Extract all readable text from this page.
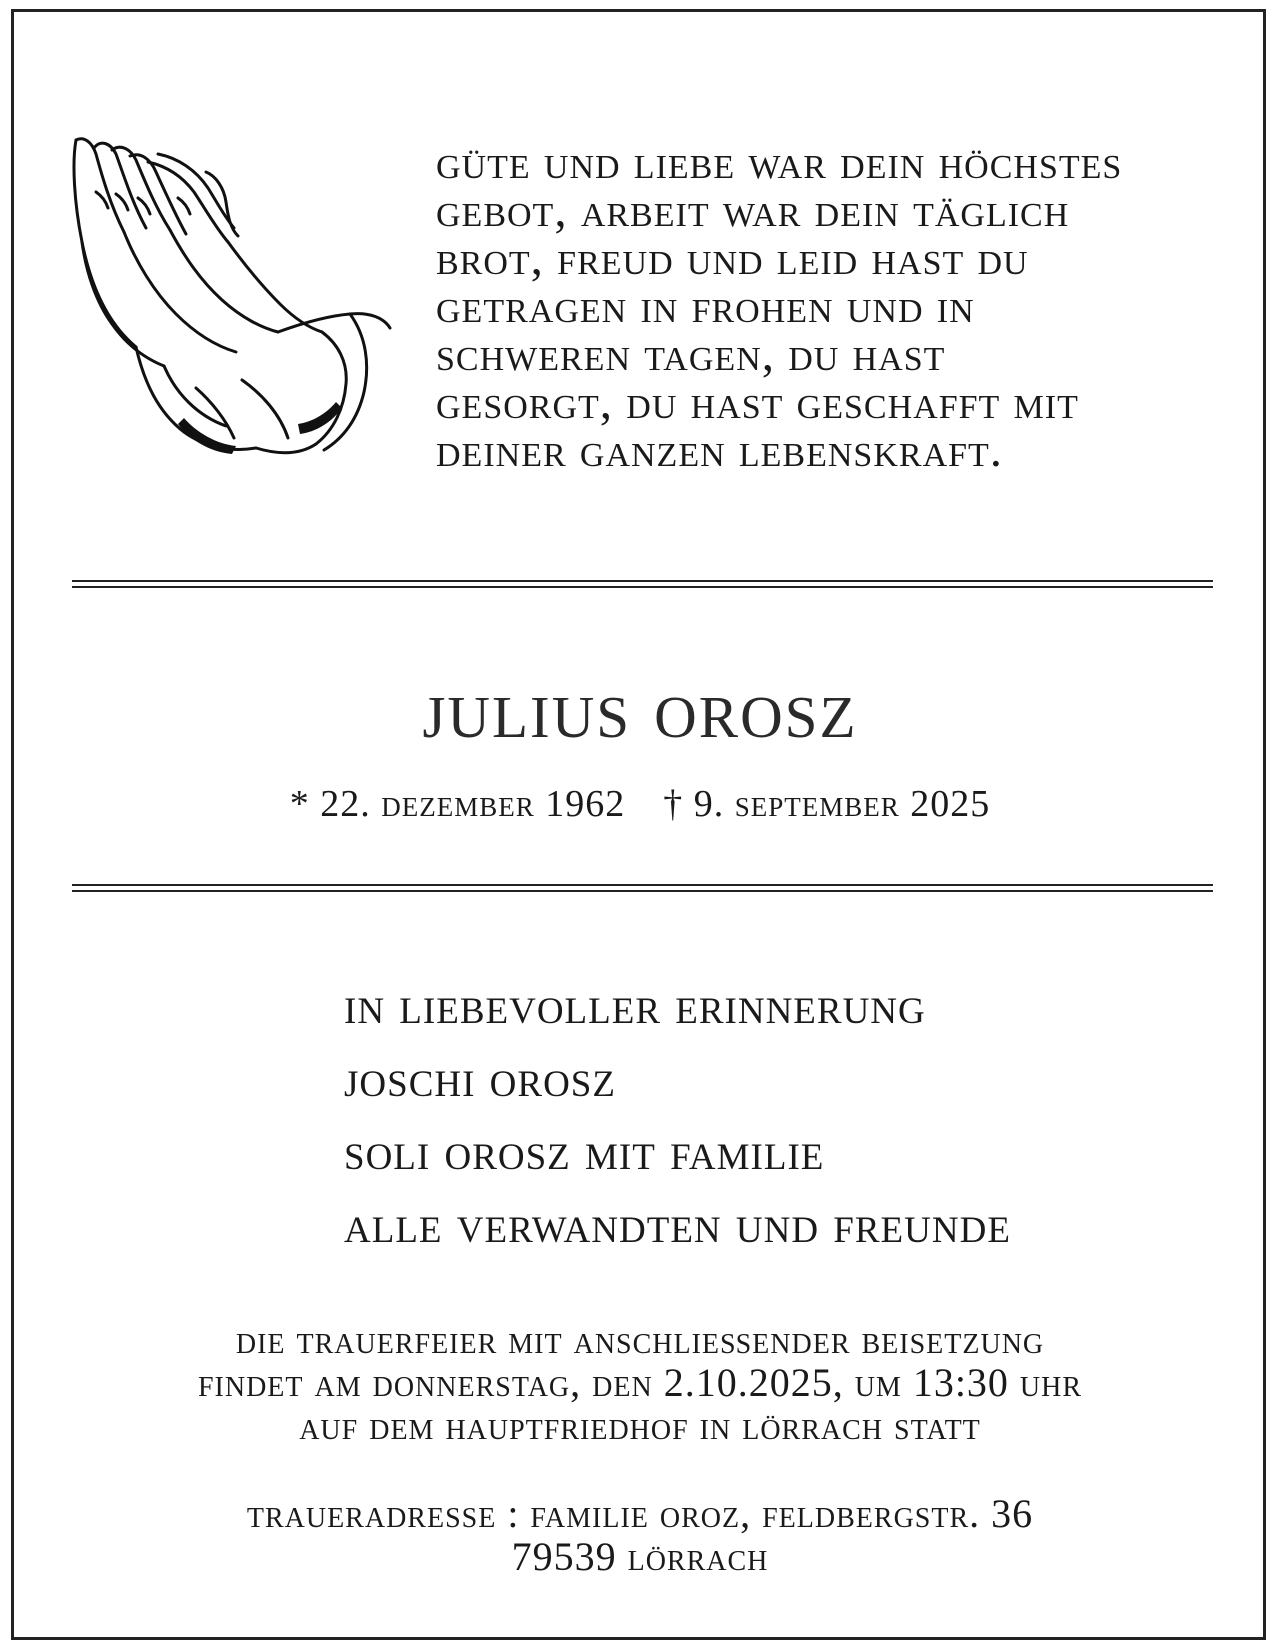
güte und liebe war dein höchstes
gebot, arbeit war dein täglich
brot, freud und leid hast du
getragen in frohen und in
schweren tagen, du hast
gesorgt, du hast geschafft mit
deiner ganzen lebenskraft.

julius orosz
* 22. dezember 1962 † 9. september 2025
in liebevoller erinnerung
joschi orosz
soli orosz mit familie
alle verwandten und freunde
die trauerfeier mit anschließender beisetzung
findet am donnerstag, den 2.10.2025, um 13:30 uhr
auf dem hauptfriedhof in lörrach statt
traueradresse : familie oroz, feldbergstr. 36
79539 lörrach
